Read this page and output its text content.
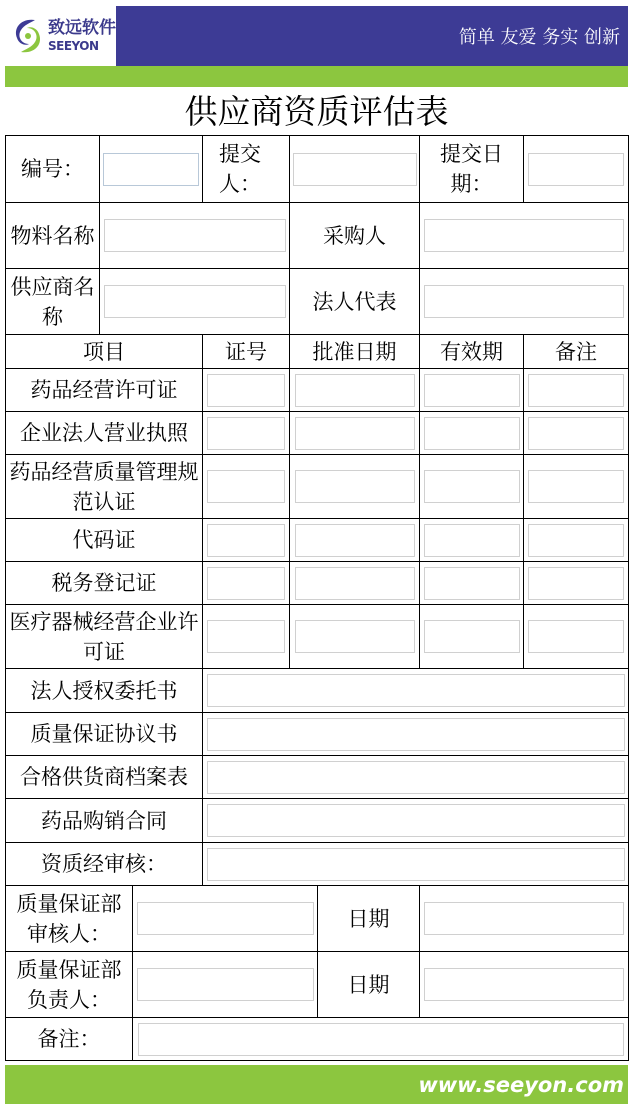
致远软件
SEEYON	简单 友爱 务实 创新
供应商资质评估表
编号：			提交人：			提交日期：	

物料名称				采购人			

供应商名称				法人代表			

项目			证号	批准日期		有效期	备注
药品经营许可证				

企业法人营业执照				

药品经营质量管理规范认证				

代码证				

税务登记证				

医疗器械经营企业许可证				

法人授权委托书							

质量保证协议书							

合格供货商档案表							

药品购销合同							

资质经审核：							

质量保证部审核人：					日期		

质量保证部负责人：					日期		

备注：							
www.seeyon.com
